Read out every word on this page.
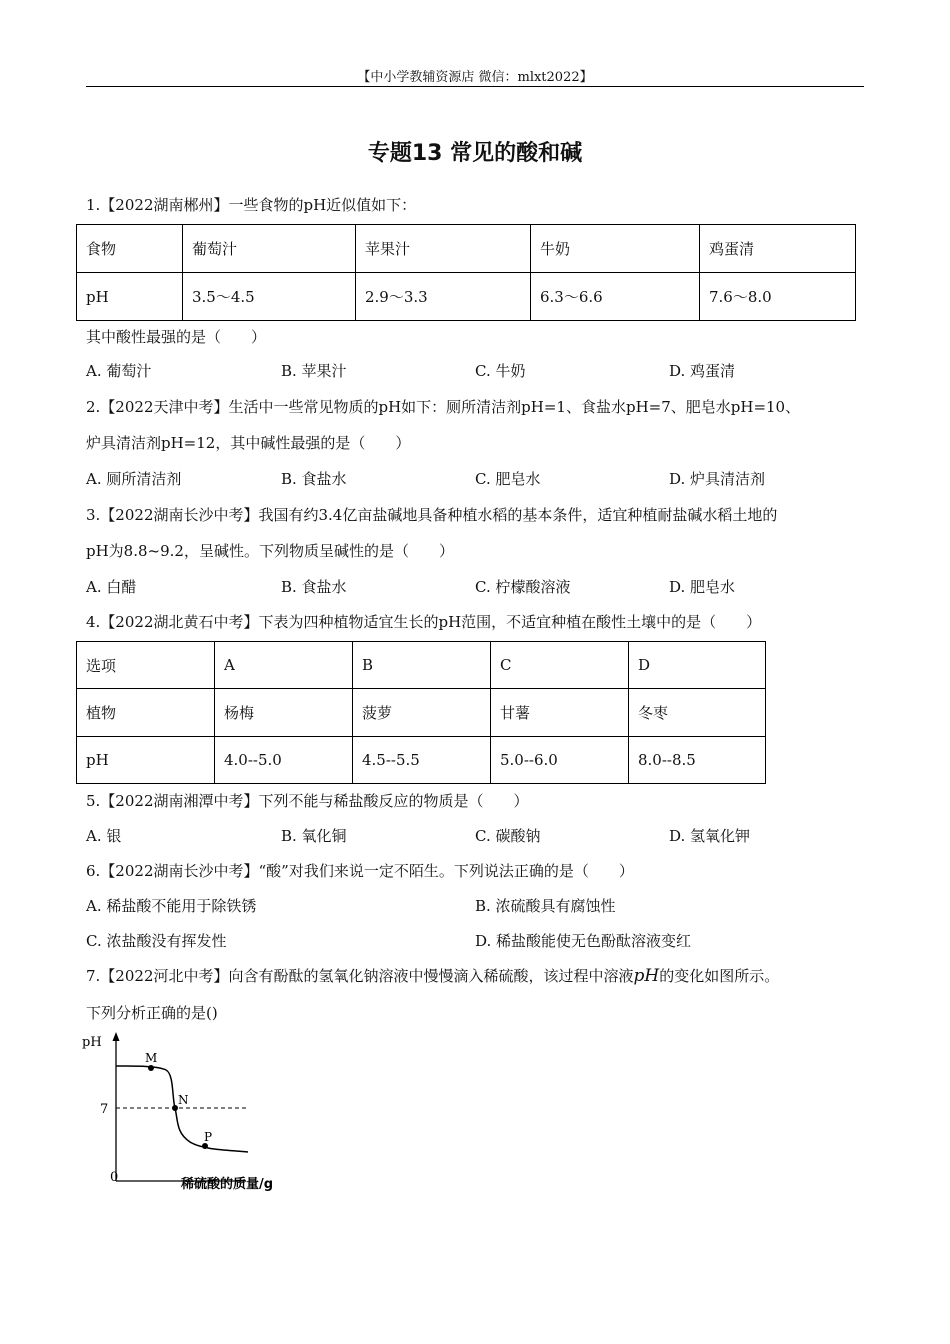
【中小学教辅资源店 微信：mlxt2022】
专题13 常见的酸和碱
1.【2022湖南郴州】一些食物的pH近似值如下：
食物	葡萄汁	苹果汁	牛奶	鸡蛋清
pH	3.5～4.5	2.9～3.3	6.3～6.6	7.6～8.0
其中酸性最强的是（　　）
A. 葡萄汁	B. 苹果汁	C. 牛奶	D. 鸡蛋清
2.【2022天津中考】生活中一些常见物质的pH如下：厕所清洁剂pH=1、食盐水pH=7、肥皂水pH=10、
炉具清洁剂pH=12，其中碱性最强的是（　　）
A. 厕所清洁剂	B. 食盐水	C. 肥皂水	D. 炉具清洁剂
3.【2022湖南长沙中考】我国有约3.4亿亩盐碱地具备种植水稻的基本条件，适宜种植耐盐碱水稻土地的
pH为8.8~9.2，呈碱性。下列物质呈碱性的是（　　）
A. 白醋	B. 食盐水	C. 柠檬酸溶液	D. 肥皂水
4.【2022湖北黄石中考】下表为四种植物适宜生长的pH范围，不适宜种植在酸性土壤中的是（　　）
选项	A	B	C	D
植物	杨梅	菠萝	甘薯	冬枣
pH	4.0--5.0	4.5--5.5	5.0--6.0	8.0--8.5
5.【2022湖南湘潭中考】下列不能与稀盐酸反应的物质是（　　）
A. 银	B. 氧化铜	C. 碳酸钠	D. 氢氧化钾
6.【2022湖南长沙中考】“酸”对我们来说一定不陌生。下列说法正确的是（　　）
A. 稀盐酸不能用于除铁锈	B. 浓硫酸具有腐蚀性
C. 浓盐酸没有挥发性	D. 稀盐酸能使无色酚酞溶液变红
7.【2022河北中考】向含有酚酞的氢氧化钠溶液中慢慢滴入稀硫酸，该过程中溶液pH的变化如图所示。
下列分析正确的是()
pH
7
0
M
N
P
稀硫酸的质量/g
